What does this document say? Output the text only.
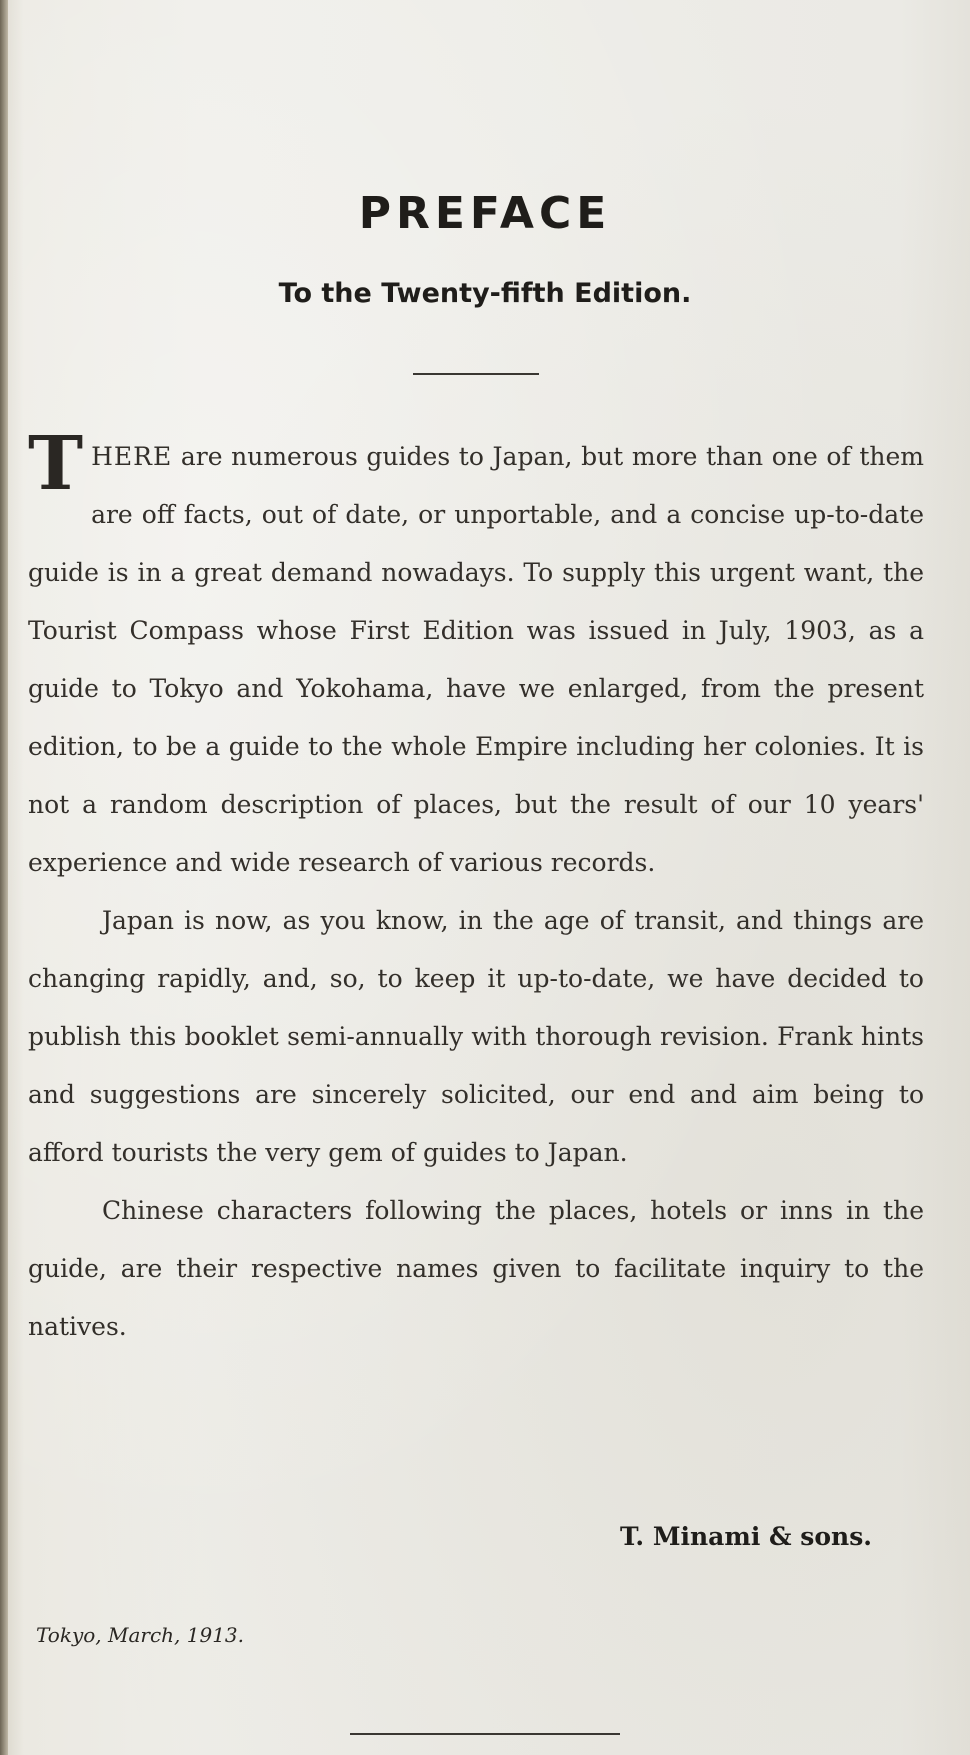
PREFACE
To the Twenty-fifth Edition.

THERE are numerous guides to Japan, but more than one of them are off facts, out of date, or unportable, and a concise up-to-date guide is in a great demand nowadays. To supply this urgent want, the Tourist Compass whose First Edition was issued in July, 1903, as a guide to Tokyo and Yokohama, have we enlarged, from the present edition, to be a guide to the whole Empire including her colonies. It is not a random description of places, but the result of our 10 years' experience and wide research of various records.

Japan is now, as you know, in the age of transit, and things are changing rapidly, and, so, to keep it up-to-date, we have decided to publish this booklet semi-annually with thorough revision. Frank hints and suggestions are sincerely solicited, our end and aim being to afford tourists the very gem of guides to Japan.

Chinese characters following the places, hotels or inns in the guide, are their respective names given to facilitate inquiry to the natives.

T. Minami & sons.
Tokyo, March, 1913.
